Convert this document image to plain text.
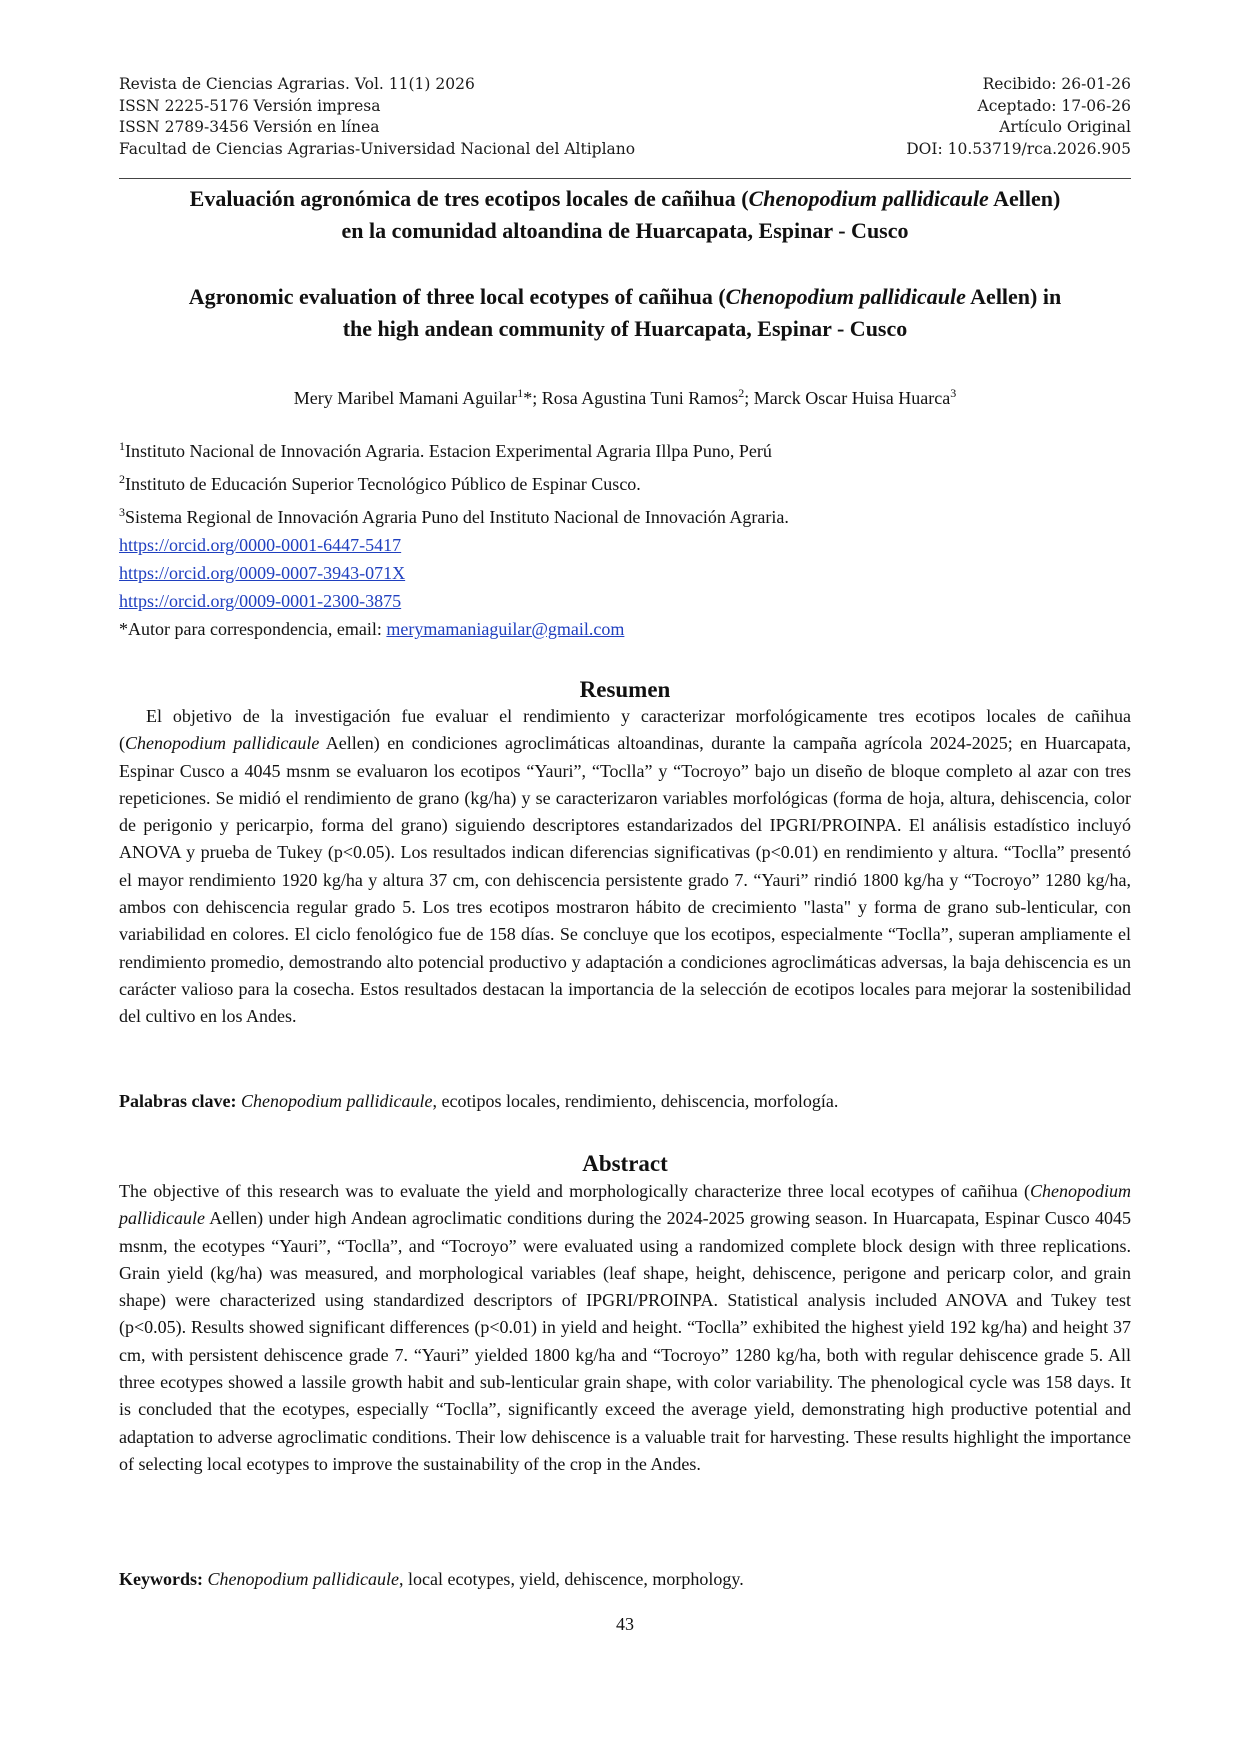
Revista de Ciencias Agrarias. Vol. 11(1) 2026
ISSN 2225-5176 Versión impresa
ISSN 2789-3456 Versión en línea
Facultad de Ciencias Agrarias-Universidad Nacional del Altiplano
Recibido: 26-01-26
Aceptado: 17-06-26
Artículo Original
DOI: 10.53719/rca.2026.905
Evaluación agronómica de tres ecotipos locales de cañihua (Chenopodium pallidicaule Aellen)
en la comunidad altoandina de Huarcapata, Espinar - Cusco
Agronomic evaluation of three local ecotypes of cañihua (Chenopodium pallidicaule Aellen) in
the high andean community of Huarcapata, Espinar - Cusco
Mery Maribel Mamani Aguilar$^1$*; Rosa Agustina Tuni Ramos$^2$; Marck Oscar Huisa Huarca$^3$
$^1$Instituto Nacional de Innovación Agraria. Estacion Experimental Agraria Illpa Puno, Perú
$^2$Instituto de Educación Superior Tecnológico Público de Espinar Cusco.
$^3$Sistema Regional de Innovación Agraria Puno del Instituto Nacional de Innovación Agraria.
https://orcid.org/0000-0001-6447-5417
https://orcid.org/0009-0007-3943-071X
https://orcid.org/0009-0001-2300-3875
*Autor para correspondencia, email: merymamaniaguilar@gmail.com
Resumen
El objetivo de la investigación fue evaluar el rendimiento y caracterizar morfológicamente tres ecotipos locales de cañihua (Chenopodium pallidicaule Aellen) en condiciones agroclimáticas altoandinas, durante la campaña agrícola 2024-2025; en Huarcapata, Espinar Cusco a 4045 msnm se evaluaron los ecotipos “Yauri”, “Toclla” y “Tocroyo” bajo un diseño de bloque completo al azar con tres repeticiones. Se midió el rendimiento de grano (kg/ha) y se caracterizaron variables morfológicas (forma de hoja, altura, dehiscencia, color de perigonio y pericarpio, forma del grano) siguiendo descriptores estandarizados del IPGRI/PROINPA. El análisis estadístico incluyó ANOVA y prueba de Tukey (p<0.05). Los resultados indican diferencias significativas (p<0.01) en rendimiento y altura. “Toclla” presentó el mayor rendimiento 1920 kg/ha y altura 37 cm, con dehiscencia persistente grado 7. “Yauri” rindió 1800 kg/ha y “Tocroyo” 1280 kg/ha, ambos con dehiscencia regular grado 5. Los tres ecotipos mostraron hábito de crecimiento "lasta" y forma de grano sub-lenticular, con variabilidad en colores. El ciclo fenológico fue de 158 días. Se concluye que los ecotipos, especialmente “Toclla”, superan ampliamente el rendimiento promedio, demostrando alto potencial productivo y adaptación a condiciones agroclimáticas adversas, la baja dehiscencia es un carácter valioso para la cosecha. Estos resultados destacan la importancia de la selección de ecotipos locales para mejorar la sostenibilidad del cultivo en los Andes.
Palabras clave: Chenopodium pallidicaule, ecotipos locales, rendimiento, dehiscencia, morfología.
Abstract
The objective of this research was to evaluate the yield and morphologically characterize three local ecotypes of cañihua (Chenopodium pallidicaule Aellen) under high Andean agroclimatic conditions during the 2024-2025 growing season. In Huarcapata, Espinar Cusco 4045 msnm, the ecotypes “Yauri”, “Toclla”, and “Tocroyo” were evaluated using a randomized complete block design with three replications. Grain yield (kg/ha) was measured, and morphological variables (leaf shape, height, dehiscence, perigone and pericarp color, and grain shape) were characterized using standardized descriptors of IPGRI/PROINPA. Statistical analysis included ANOVA and Tukey test (p<0.05). Results showed significant differences (p<0.01) in yield and height. “Toclla” exhibited the highest yield 192 kg/ha) and height 37 cm, with persistent dehiscence grade 7. “Yauri” yielded 1800 kg/ha and “Tocroyo” 1280 kg/ha, both with regular dehiscence grade 5. All three ecotypes showed a lassile growth habit and sub-lenticular grain shape, with color variability. The phenological cycle was 158 days. It is concluded that the ecotypes, especially “Toclla”, significantly exceed the average yield, demonstrating high productive potential and adaptation to adverse agroclimatic conditions. Their low dehiscence is a valuable trait for harvesting. These results highlight the importance of selecting local ecotypes to improve the sustainability of the crop in the Andes.
Keywords: Chenopodium pallidicaule, local ecotypes, yield, dehiscence, morphology.
43
